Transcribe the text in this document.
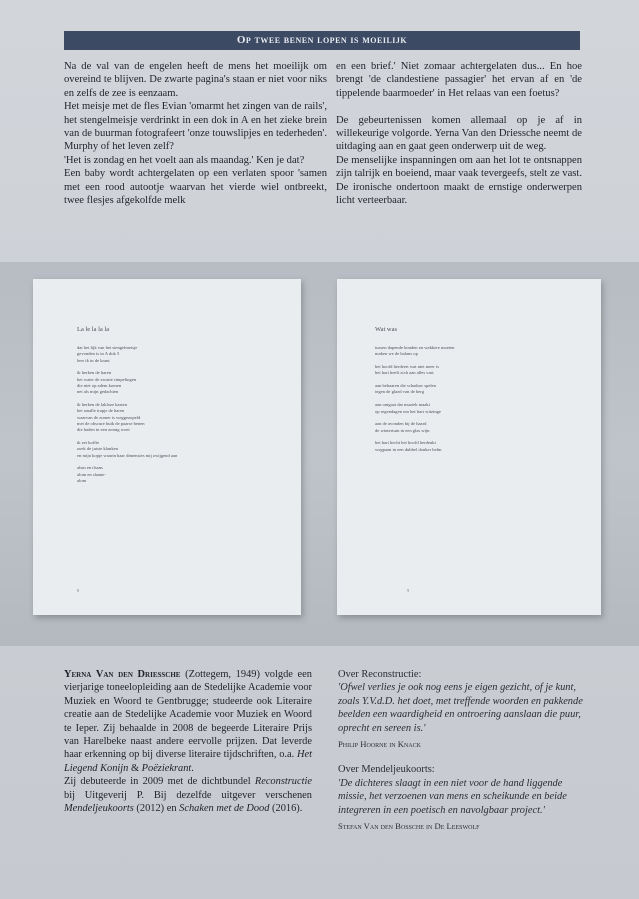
Op twee benen lopen is moeilijk

Na de val van de engelen heeft de mens het moeilijk om overeind te blijven. De zwarte pagina's staan er niet voor niks en zelfs de zee is eenzaam.

Het meisje met de fles Evian 'omarmt het zingen van de rails', het stengelmeisje verdrinkt in een dok in A en het zieke brein van de buurman fotografeert 'onze touwslipjes en tederheden'. Murphy of het leven zelf?

'Het is zondag en het voelt aan als maandag.' Ken je dat?

Een baby wordt achtergelaten op een verlaten spoor 'samen met een rood autootje waarvan het vierde wiel ontbreekt, twee flesjes afgekolfde melk

en een brief.' Niet zomaar achtergelaten dus... En hoe brengt 'de clandestiene passagier' het ervan af en 'de tippelende baarmoeder' in Het relaas van een foetus?

De gebeurtenissen komen allemaal op je af in willekeurige volgorde. Yerna Van den Driessche neemt de uitdaging aan en gaat geen onderwerp uit de weg.

De menselijke inspanningen om aan het lot te ontsnappen zijn talrijk en boeiend, maar vaak tevergeefs, stelt ze vast. De ironische ondertoon maakt de ernstige onderwerpen licht verteerbaar.

La le la la la
dat het lijk van het stengelmeisje
gevonden is in A dok 5
lees ik in de krant
ik herken de haren
het water de zwarte rimpelingen
die niet op adem komen
net als mijn gedachten
ik herken de lakloze kasten
het smalle trapje de haren
waarvan de zomer is weggezopeld
met de obscure buik de paarse benen
die haden in een zomig woei
ik zet koffie
zoek de juiste klanken
en mijn kopje waarin haar dimensies mij zwijgend aan
alsm en ilsans
alom en slaane-
alom
8
Wat was
tussen dapende bonden en wakkere moeten
maken we de balans op
het hoofd herdeert wat niet meer is
het hart heeft zich aan alles vast
aan behaaren die schaduw spelen
tegen de glazd van de berg
aan ontgaat dat muziek maakt
op regendagen om het hart witzinge
aan de avonden bij de haard
de wintertuin in een glas wijn
het hart hecht het hoofd herdenkt
wegpaan in een dubbel donker helm
9

Yerna Van den Driessche (Zottegem, 1949) volgde een vierjarige toneelopleiding aan de Stedelijke Academie voor Muziek en Woord te Gentbrugge; studeerde ook Literaire creatie aan de Stedelijke Academie voor Muziek en Woord te Ieper. Zij behaalde in 2008 de begeerde Literaire Prijs van Harelbeke naast andere eervolle prijzen. Dat leverde haar erkenning op bij diverse literaire tijdschriften, o.a. Het Liegend Konijn & Poëziekrant.

Zij debuteerde in 2009 met de dichtbundel Reconstructie bij Uitgeverij P. Bij dezelfde uitgever verschenen Mendeljeukoorts (2012) en Schaken met de Dood (2016).

Over Reconstructie:

'Ofwel verlies je ook nog eens je eigen gezicht, of je kunt, zoals Y.V.d.D. het doet, met treffende woorden en pakkende beelden een waardigheid en ontroering aanslaan die puur, oprecht en sereen is.'

Philip Hoorne in Knack

Over Mendeljeukoorts:

'De dichteres slaagt in een niet voor de hand liggende missie, het verzoenen van mens en scheikunde en beide integreren in een poetisch en navolgbaar project.'

Stefan Van den Bossche in De Leeswolf
